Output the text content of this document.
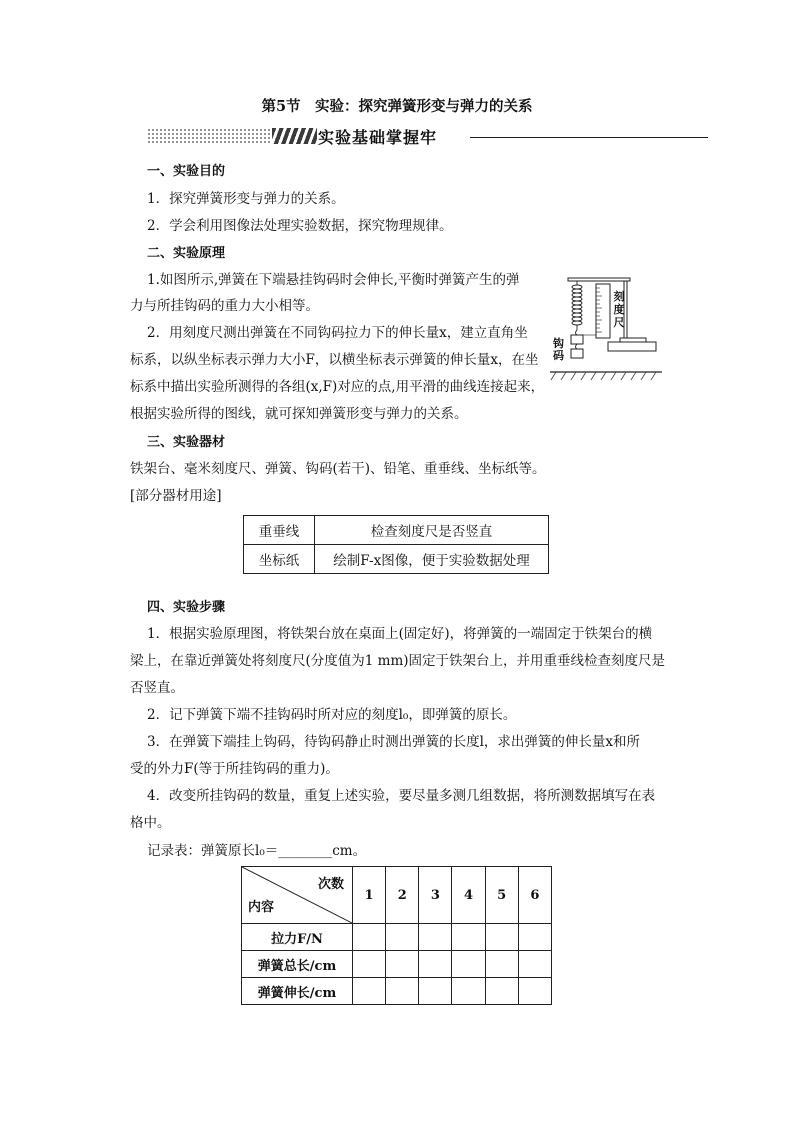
第5节　实验：探究弹簧形变与弹力的关系
实验基础掌握牢
一、实验目的
1．探究弹簧形变与弹力的关系。
2．学会利用图像法处理实验数据，探究物理规律。
二、实验原理
1.如图所示,弹簧在下端悬挂钩码时会伸长,平衡时弹簧产生的弹
力与所挂钩码的重力大小相等。
2．用刻度尺测出弹簧在不同钩码拉力下的伸长量x，建立直角坐
标系，以纵坐标表示弹力大小F，以横坐标表示弹簧的伸长量x，在坐
标系中描出实验所测得的各组(x,F)对应的点,用平滑的曲线连接起来，
根据实验所得的图线，就可探知弹簧形变与弹力的关系。
刻度尺
钩码
三、实验器材
铁架台、毫米刻度尺、弹簧、钩码(若干)、铅笔、重垂线、坐标纸等。
[部分器材用途]
重垂线	检查刻度尺是否竖直
坐标纸	绘制F-x图像，便于实验数据处理
四、实验步骤
1．根据实验原理图，将铁架台放在桌面上(固定好)，将弹簧的一端固定于铁架台的横
梁上，在靠近弹簧处将刻度尺(分度值为1 mm)固定于铁架台上，并用重垂线检查刻度尺是
否竖直。
2．记下弹簧下端不挂钩码时所对应的刻度l₀，即弹簧的原长。
3．在弹簧下端挂上钩码，待钩码静止时测出弹簧的长度l，求出弹簧的伸长量x和所
受的外力F(等于所挂钩码的重力)。
4．改变所挂钩码的数量，重复上述实验，要尽量多测几组数据，将所测数据填写在表
格中。
记录表：弹簧原长l₀＝________cm。
次数
内容	1	2	3	4	5	6
拉力F/N						
弹簧总长/cm						
弹簧伸长/cm						
